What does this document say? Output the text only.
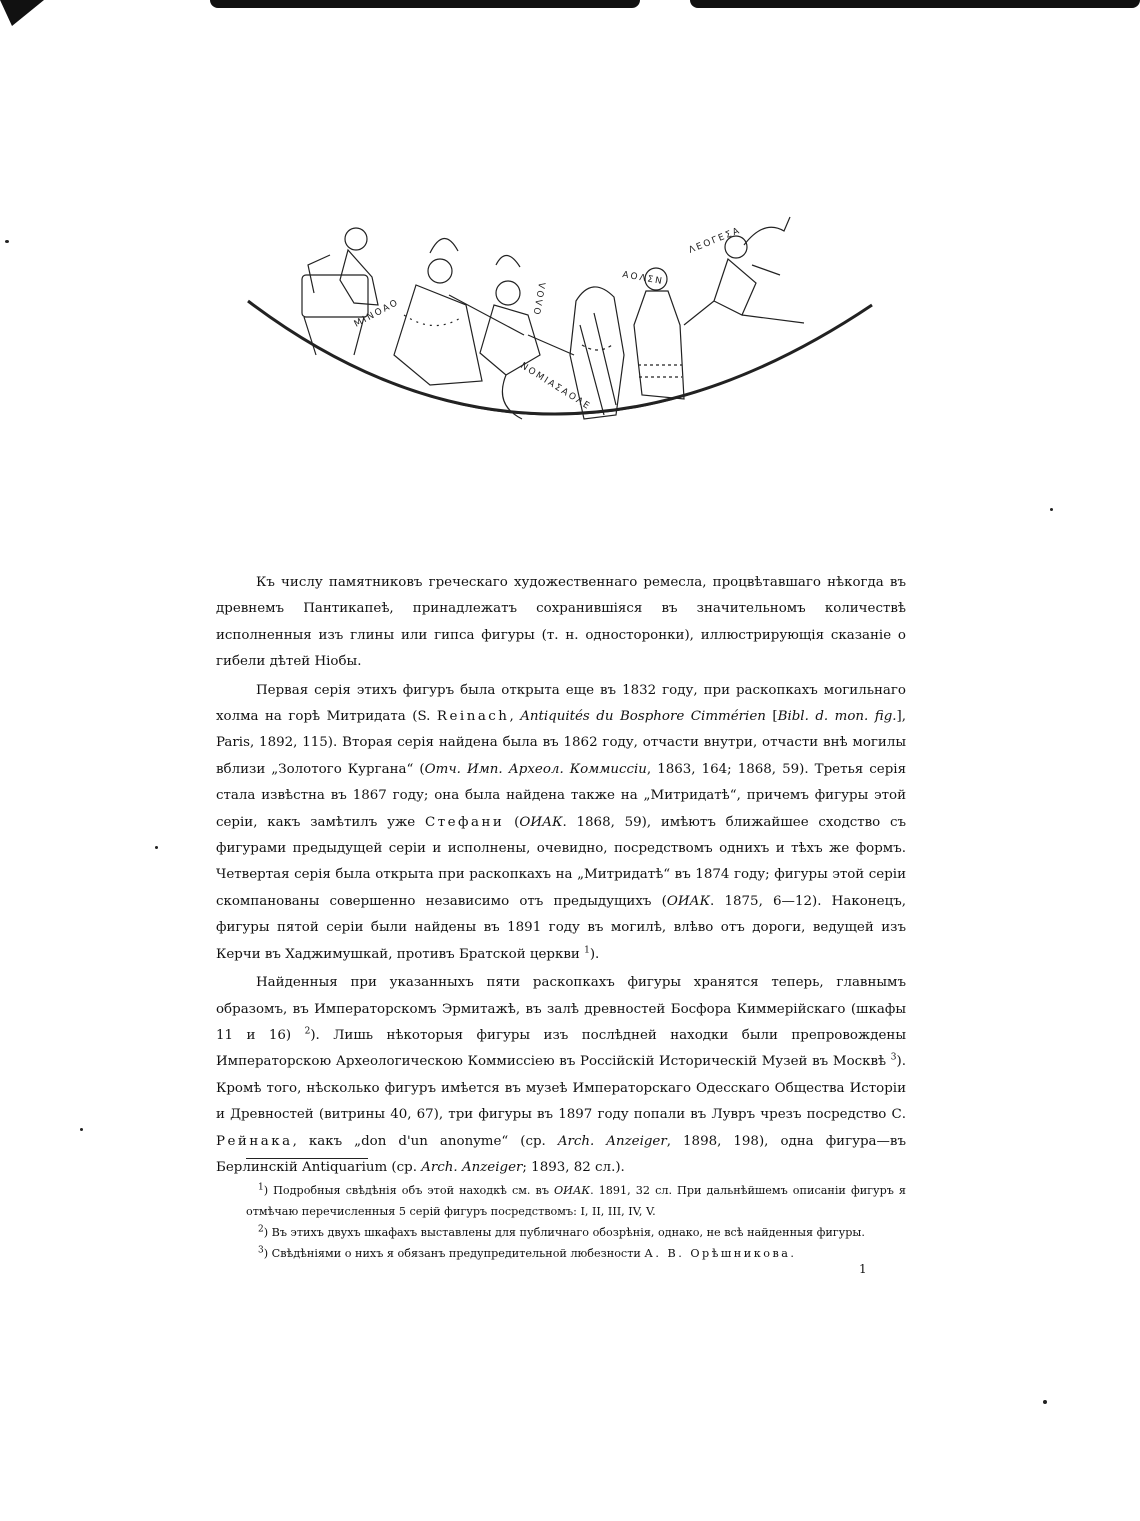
ΜΙΝΟΑΟ	ΟΛΟΛ
ΑΟΛΣΝ
ΛΕΟΓΕΣΑ
ΝΟΜΙΑΣΑΟΛΕ

Къ числу памятниковъ греческаго художественнаго ремесла, процвѣтавшаго нѣкогда въ древнемъ Пантикапеѣ, принадлежатъ сохранившіяся въ значительномъ количествѣ исполненныя изъ глины или гипса фигуры (т. н. односторонки), иллюстрирующія сказаніе о гибели дѣтей Ніобы.

Первая серія этихъ фигуръ была открыта еще въ 1832 году, при раскопкахъ могильнаго холма на горѣ Митридата (S. Reinach, Antiquités du Bosphore Cimmérien [Bibl. d. mon. fig.], Paris, 1892, 115). Вторая серія найдена была въ 1862 году, отчасти внутри, отчасти внѣ могилы вблизи „Золотого Кургана“ (Отч. Имп. Археол. Коммиссіи, 1863, 164; 1868, 59). Третья серія стала извѣстна въ 1867 году; она была найдена также на „Митридатѣ“, причемъ фигуры этой серіи, какъ замѣтилъ уже Стефани (ОИАК. 1868, 59), имѣютъ ближайшее сходство съ фигурами предыдущей серіи и исполнены, очевидно, посредствомъ однихъ и тѣхъ же формъ. Четвертая серія была открыта при раскопкахъ на „Митридатѣ“ въ 1874 году; фигуры этой серіи скомпанованы совершенно независимо отъ предыдущихъ (ОИАК. 1875, 6—12). Наконецъ, фигуры пятой серіи были найдены въ 1891 году въ могилѣ, влѣво отъ дороги, ведущей изъ Керчи въ Хаджимушкай, противъ Братской церкви $^1$).

Найденныя при указанныхъ пяти раскопкахъ фигуры хранятся теперь, главнымъ образомъ, въ Императорскомъ Эрмитажѣ, въ залѣ древностей Босфора Киммерійскаго (шкафы 11 и 16) $^2$). Лишь нѣкоторыя фигуры изъ послѣдней находки были препровождены Императорскою Археологическою Коммиссіею въ Россійскій Историческій Музей въ Москвѣ $^3$). Кромѣ того, нѣсколько фигуръ имѣется въ музеѣ Императорскаго Одесскаго Общества Исторіи и Древностей (витрины 40, 67), три фигуры въ 1897 году попали въ Лувръ чрезъ посредство С. Рейнака, какъ „don d'un anonyme“ (ср. Arch. Anzeiger, 1898, 198), одна фигура—въ Берлинскій Antiquarium (ср. Arch. Anzeiger; 1893, 82 сл.).

$^1$) Подробныя свѣдѣнія объ этой находкѣ см. въ ОИАК. 1891, 32 сл. При дальнѣйшемъ описаніи фигуръ я отмѣчаю перечисленныя 5 серій фигуръ посредствомъ: I, II, III, IV, V.

$^2$) Въ этихъ двухъ шкафахъ выставлены для публичнаго обозрѣнія, однако, не всѣ найденныя фигуры.

$^3$) Свѣдѣніями о нихъ я обязанъ предупредительной любезности А. В. Орѣшникова.

1
